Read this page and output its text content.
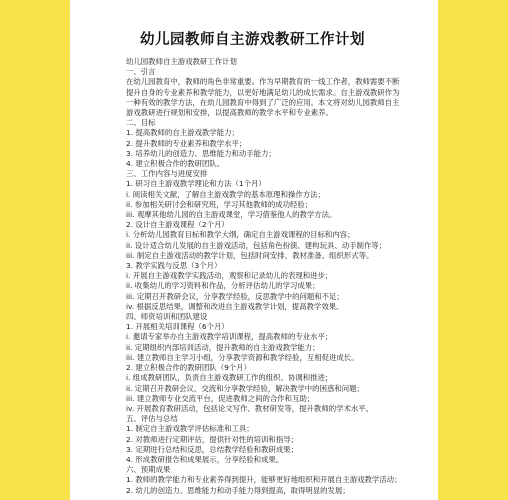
幼儿园教师自主游戏教研工作计划
幼儿园教师自主游戏教研工作计划
一、引言
在幼儿园教育中，教师的角色非常重要。作为早期教育的一线工作者，教师需要不断
提升自身的专业素养和教学能力，以更好地满足幼儿的成长需求。自主游戏教研作为
一种有效的教学方法，在幼儿园教育中得到了广泛的应用。本文将对幼儿园教师自主
游戏教研进行规划和安排，以提高教师的教学水平和专业素养。
二、目标
1. 提高教师的自主游戏教学能力；
2. 提升教师的专业素养和教学水平；
3. 培养幼儿的创造力、思维能力和动手能力；
4. 建立积极合作的教研团队。
三、工作内容与进度安排
1. 研习自主游戏教学理论和方法（1个月）
i. 阅读相关文献，了解自主游戏教学的基本原理和操作方法；
ii. 参加相关研讨会和研究班，学习其他教师的成功经验；
iii. 观摩其他幼儿园的自主游戏课堂，学习借鉴他人的教学方法。
2. 设计自主游戏课程（2个月）
i. 分析幼儿园教育目标和教学大纲，确定自主游戏课程的目标和内容；
ii. 设计适合幼儿发展的自主游戏活动，包括角色扮演、建构玩具、动手制作等；
iii. 制定自主游戏活动的教学计划，包括时间安排、教材准备、组织形式等。
3. 教学实践与反思（3个月）
i. 开展自主游戏教学实践活动，观察和记录幼儿的表现和进步；
ii. 收集幼儿的学习资料和作品，分析评估幼儿的学习成果；
iii. 定期召开教研会议，分享教学经验，反思教学中的问题和不足；
iv. 根据反思结果，调整和改进自主游戏教学计划，提高教学效果。
四、师资培训和团队建设
1. 开展相关培训课程（6个月）
i. 邀请专家举办自主游戏教学培训课程，提高教师的专业水平；
ii. 定期组织内部培训活动，提升教师的自主游戏教学能力；
iii. 建立教师自主学习小组，分享教学资源和教学经验，互相促进成长。
2. 建立积极合作的教研团队（9个月）
i. 组成教研团队，负责自主游戏教研工作的组织、协调和推进；
ii. 定期召开教研会议，交流和分享教学经验，解决教学中的困惑和问题；
iii. 建立教师专业交流平台，促进教师之间的合作和互助；
iv. 开展教育教研活动，包括论文写作、教材研发等，提升教师的学术水平。
五、评估与总结
1. 制定自主游戏教学评估标准和工具；
2. 对教师进行定期评估，提供针对性的培训和指导；
3. 定期进行总结和反思，总结教学经验和教研成果；
4. 形成教研报告和成果展示，分享经验和成果。
六、预期成果
1. 教师的教学能力和专业素养得到提升，能够更好地组织和开展自主游戏教学活动；
2. 幼儿的创造力、思维能力和动手能力得到提高，取得明显的发展；
